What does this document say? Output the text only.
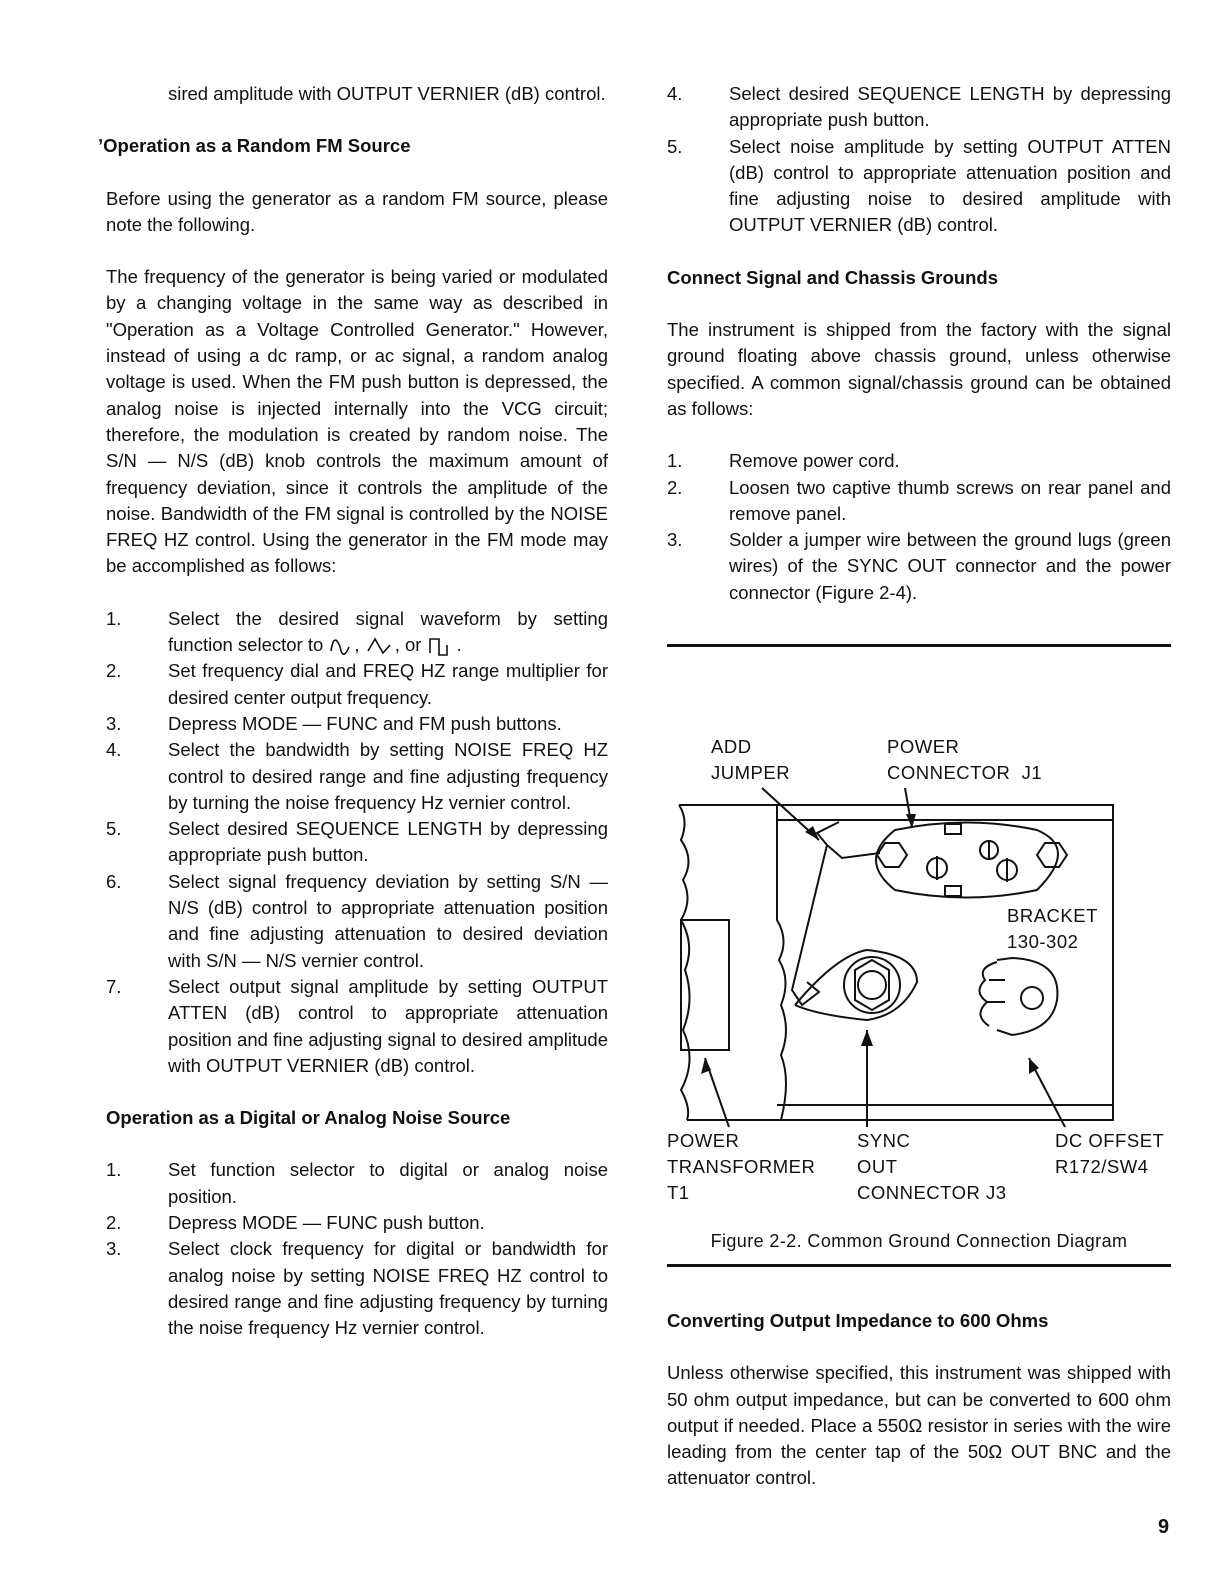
sired amplitude with OUTPUT VERNIER (dB) control.

ʼOperation as a Random FM Source

Before using the generator as a random FM source, please note the following.

The frequency of the generator is being varied or modulated by a changing voltage in the same way as described in "Operation as a Voltage Controlled Generator." However, instead of using a dc ramp, or ac signal, a random analog voltage is used. When the FM push button is depressed, the analog noise is injected internally into the VCG circuit; therefore, the modulation is created by random noise. The S/N — N/S (dB) knob controls the maximum amount of frequency deviation, since it controls the amplitude of the noise. Bandwidth of the FM signal is controlled by the NOISE FREQ HZ control. Using the generator in the FM mode may be accomplished as follows:

1.	Select the desired signal waveform by setting function selector to , , or .
2.	Set frequency dial and FREQ HZ range multiplier for desired center output frequency.
3.	Depress MODE — FUNC and FM push buttons.
4.	Select the bandwidth by setting NOISE FREQ HZ control to desired range and fine adjusting frequency by turning the noise frequency Hz vernier control.
5.	Select desired SEQUENCE LENGTH by depressing appropriate push button.
6.	Select signal frequency deviation by setting S/N — N/S (dB) control to appropriate attenuation position and fine adjusting attenuation to desired deviation with S/N — N/S vernier control.
7.	Select output signal amplitude by setting OUTPUT ATTEN (dB) control to appropriate attenuation position and fine adjusting signal to desired amplitude with OUTPUT VERNIER (dB) control.
Operation as a Digital or Analog Noise Source
1.	Set function selector to digital or analog noise position.
2.	Depress MODE — FUNC push button.
3.	Select clock frequency for digital or bandwidth for analog noise by setting NOISE FREQ HZ control to desired range and fine adjusting frequency by turning the noise frequency Hz vernier control.
4.	Select desired SEQUENCE LENGTH by depressing appropriate push button.
5.	Select noise amplitude by setting OUTPUT ATTEN (dB) control to appropriate attenuation position and fine adjusting noise to desired amplitude with OUTPUT VERNIER (dB) control.
Connect Signal and Chassis Grounds

The instrument is shipped from the factory with the signal ground floating above chassis ground, unless otherwise specified. A common signal/chassis ground can be obtained as follows:

1.	Remove power cord.
2.	Loosen two captive thumb screws on rear panel and remove panel.
3.	Solder a jumper wire between the ground lugs (green wires) of the SYNC OUT connector and the power connector (Figure 2-4).
ADD
JUMPER
POWER
CONNECTOR  J1
BRACKET
130-302
POWER
TRANSFORMER
T1
SYNC
OUT
CONNECTOR J3
DC OFFSET
R172/SW4
Figure 2-2. Common Ground Connection Diagram
Converting Output Impedance to 600 Ohms

Unless otherwise specified, this instrument was shipped with 50 ohm output impedance, but can be converted to 600 ohm output if needed. Place a 550Ω resistor in series with the wire leading from the center tap of the 50Ω OUT BNC and the attenuator control.

9
